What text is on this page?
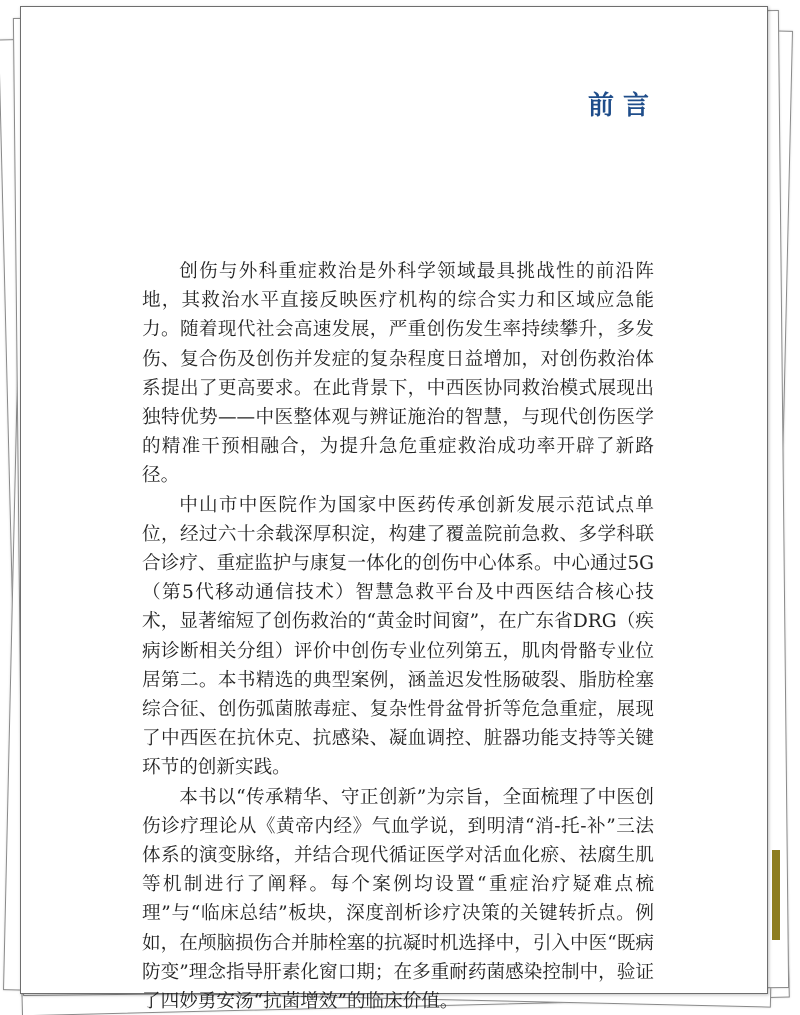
前 言

创伤与外科重症救治是外科学领域最具挑战性的前沿阵地，其救治水平直接反映医疗机构的综合实力和区域应急能力。随着现代社会高速发展，严重创伤发生率持续攀升，多发伤、复合伤及创伤并发症的复杂程度日益增加，对创伤救治体系提出了更高要求。在此背景下，中西医协同救治模式展现出独特优势——中医整体观与辨证施治的智慧，与现代创伤医学的精准干预相融合，为提升急危重症救治成功率开辟了新路径。

中山市中医院作为国家中医药传承创新发展示范试点单位，经过六十余载深厚积淀，构建了覆盖院前急救、多学科联合诊疗、重症监护与康复一体化的创伤中心体系。中心通过5G（第5代移动通信技术）智慧急救平台及中西医结合核心技术，显著缩短了创伤救治的“黄金时间窗”，在广东省DRG（疾病诊断相关分组）评价中创伤专业位列第五，肌肉骨骼专业位居第二。本书精选的典型案例，涵盖迟发性肠破裂、脂肪栓塞综合征、创伤弧菌脓毒症、复杂性骨盆骨折等危急重症，展现了中西医在抗休克、抗感染、凝血调控、脏器功能支持等关键环节的创新实践。

本书以“传承精华、守正创新”为宗旨，全面梳理了中医创伤诊疗理论从《黄帝内经》气血学说，到明清“消-托-补”三法体系的演变脉络，并结合现代循证医学对活血化瘀、祛腐生肌等机制进行了阐释。每个案例均设置“重症治疗疑难点梳理”与“临床总结”板块，深度剖析诊疗决策的关键转折点。例如，在颅脑损伤合并肺栓塞的抗凝时机选择中，引入中医“既病防变”理念指导肝素化窗口期；在多重耐药菌感染控制中，验证了四妙勇安汤“抗菌增效”的临床价值。
